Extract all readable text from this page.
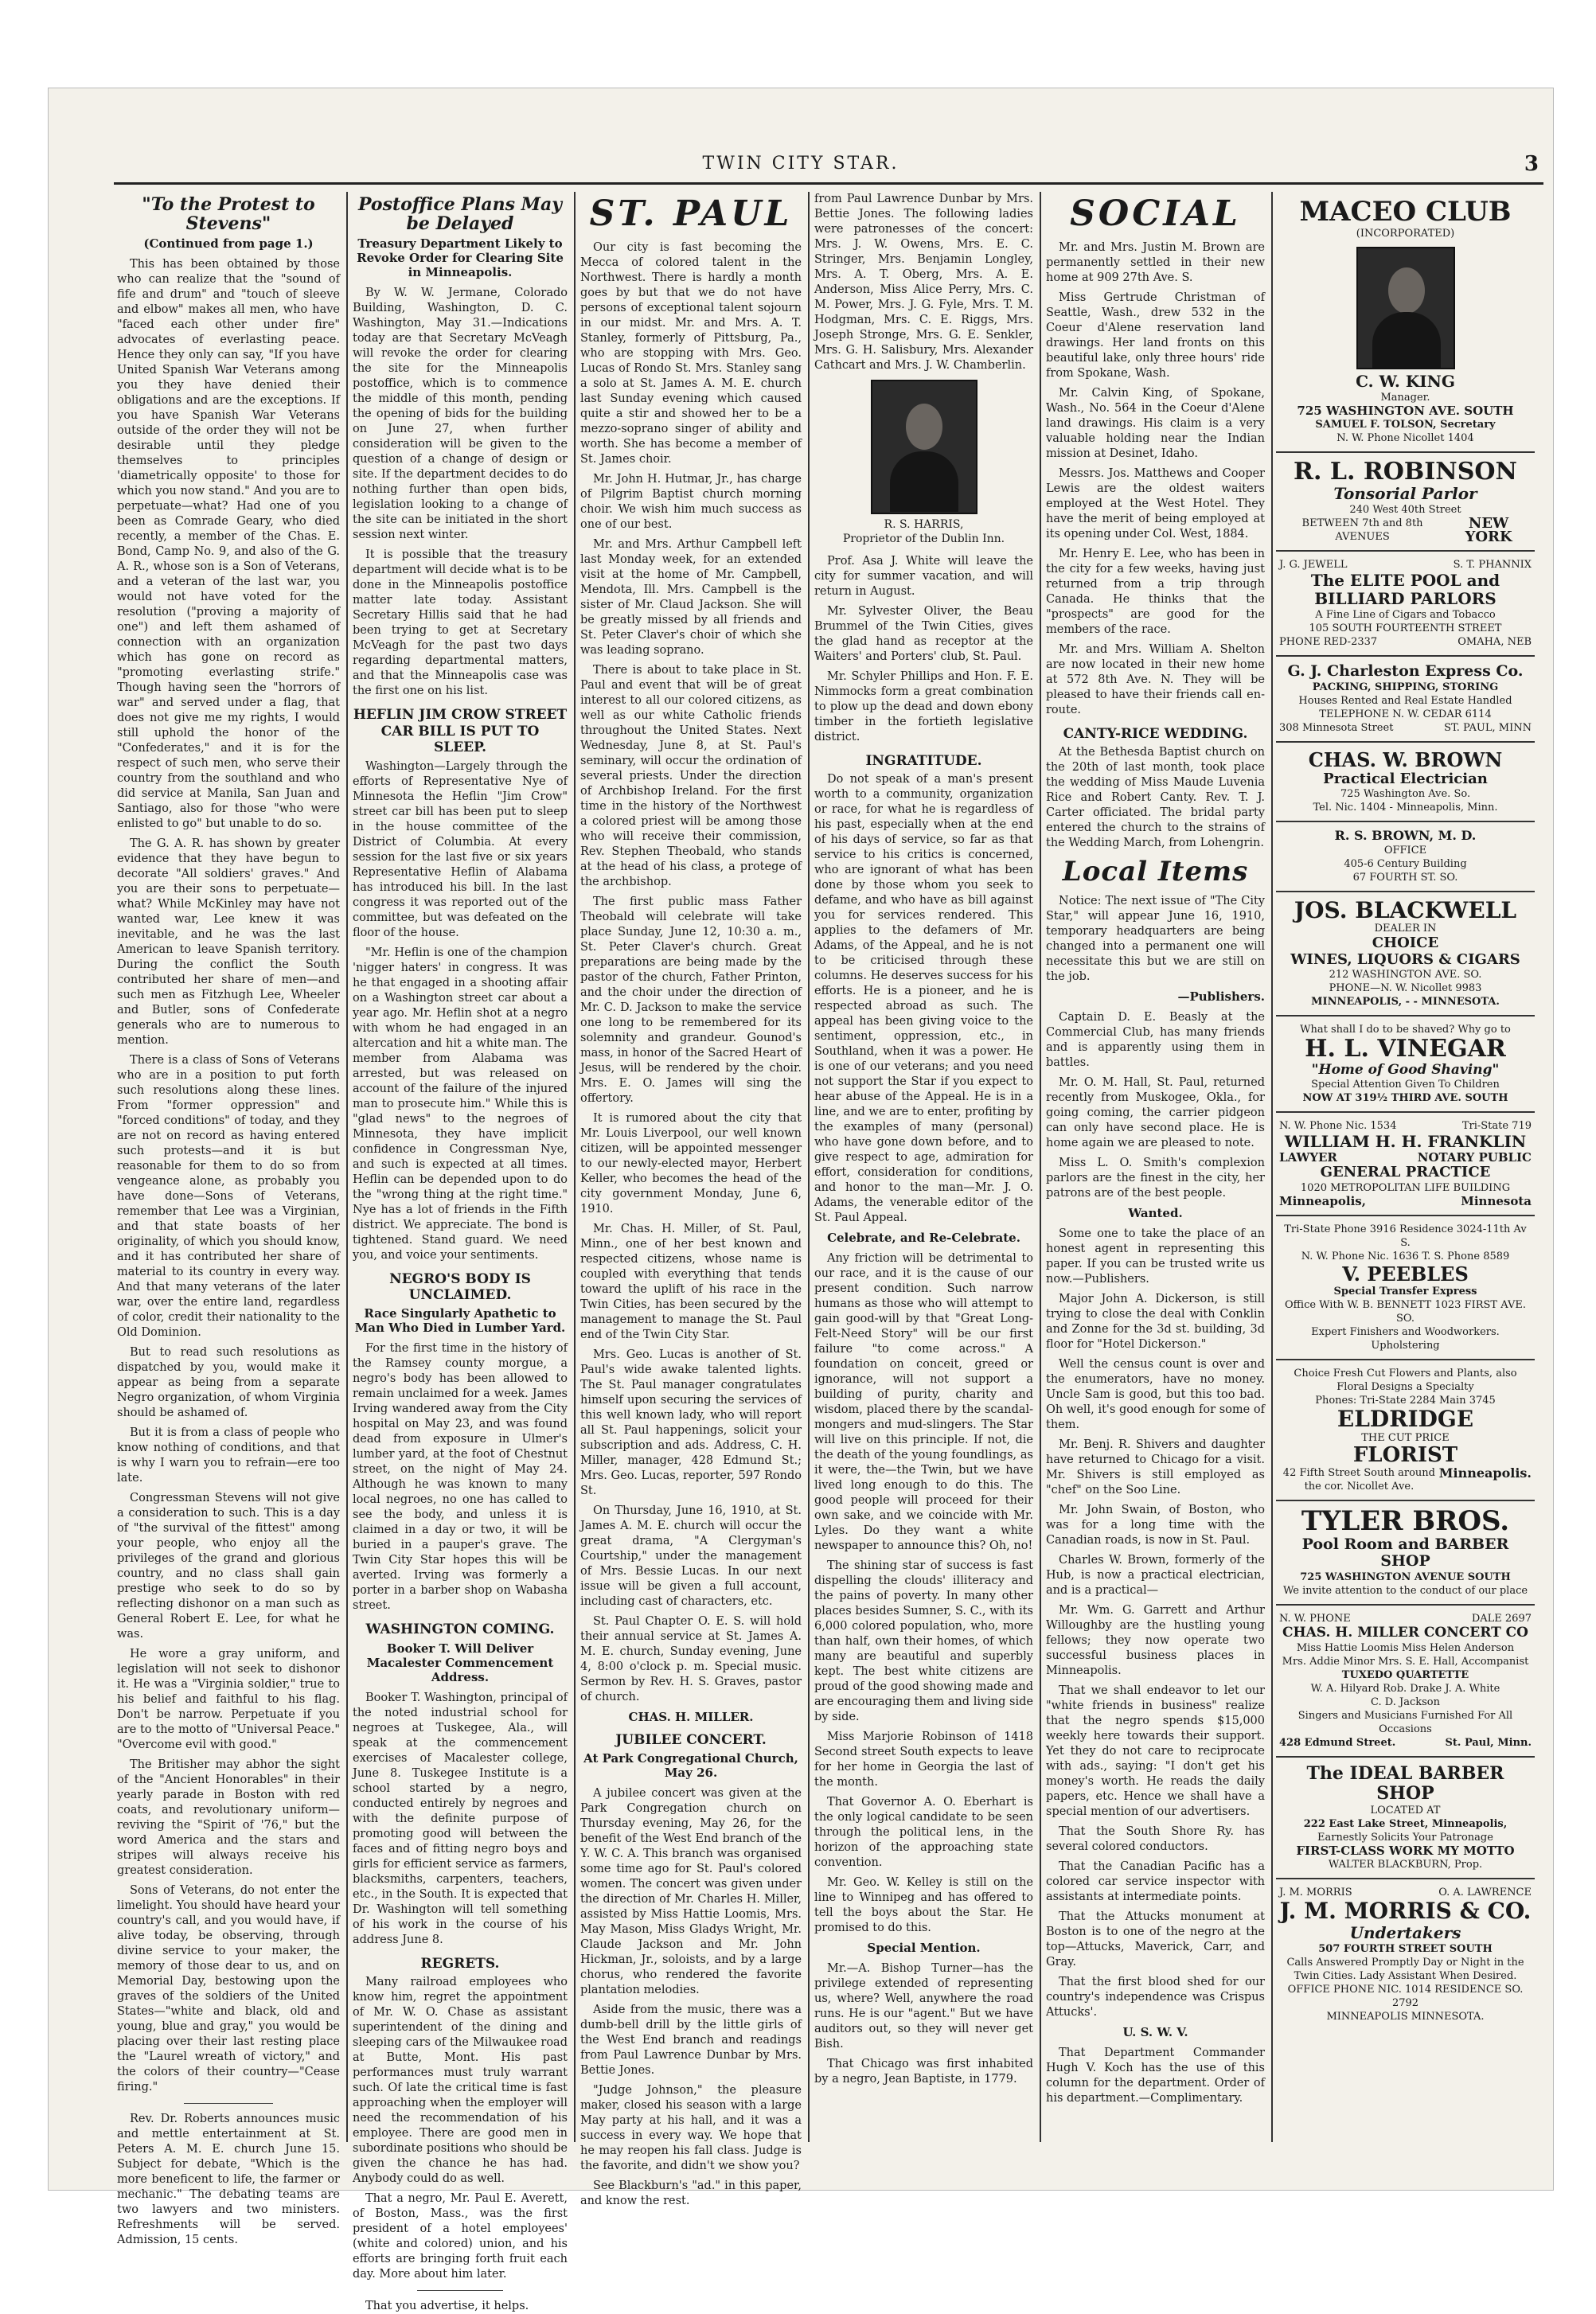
TWIN CITY STAR.	3
"To the Protest to Stevens"
(Continued from page 1.)

This has been obtained by those who can realize that the "sound of fife and drum" and "touch of sleeve and elbow" makes all men, who have "faced each other under fire" advocates of everlasting peace. Hence they only can say, "If you have United Spanish War Veterans among you they have denied their obligations and are the exceptions. If you have Spanish War Veterans outside of the order they will not be desirable until they pledge themselves to principles 'diametrically opposite' to those for which you now stand." And you are to perpetuate—what? Had one of you been as Comrade Geary, who died recently, a member of the Chas. E. Bond, Camp No. 9, and also of the G. A. R., whose son is a Son of Veterans, and a veteran of the last war, you would not have voted for the resolution ("proving a majority of one") and left them ashamed of connection with an organization which has gone on record as "promoting everlasting strife." Though having seen the "horrors of war" and served under a flag, that does not give me my rights, I would still uphold the honor of the "Confederates," and it is for the respect of such men, who serve their country from the southland and who did service at Manila, San Juan and Santiago, also for those "who were enlisted to go" but unable to do so.

The G. A. R. has shown by greater evidence that they have begun to decorate "All soldiers' graves." And you are their sons to perpetuate—what? While McKinley may have not wanted war, Lee knew it was inevitable, and he was the last American to leave Spanish territory. During the conflict the South contributed her share of men—and such men as Fitzhugh Lee, Wheeler and Butler, sons of Confederate generals who are to numerous to mention.

There is a class of Sons of Veterans who are in a position to put forth such resolutions along these lines. From "former oppression" and "forced conditions" of today, and they are not on record as having entered such protests—and it is but reasonable for them to do so from vengeance alone, as probably you have done—Sons of Veterans, remember that Lee was a Virginian, and that state boasts of her originality, of which you should know, and it has contributed her share of material to its country in every way. And that many veterans of the later war, over the entire land, regardless of color, credit their nationality to the Old Dominion.

But to read such resolutions as dispatched by you, would make it appear as being from a separate Negro organization, of whom Virginia should be ashamed of.

But it is from a class of people who know nothing of conditions, and that is why I warn you to refrain—ere too late.

Congressman Stevens will not give a consideration to such. This is a day of "the survival of the fittest" among your people, who enjoy all the privileges of the grand and glorious country, and no class shall gain prestige who seek to do so by reflecting dishonor on a man such as General Robert E. Lee, for what he was.

He wore a gray uniform, and legislation will not seek to dishonor it. He was a "Virginia soldier," true to his belief and faithful to his flag. Don't be narrow. Perpetuate if you are to the motto of "Universal Peace." "Overcome evil with good."

The Britisher may abhor the sight of the "Ancient Honorables" in their yearly parade in Boston with red coats, and revolutionary uniform—reviving the "Spirit of '76," but the word America and the stars and stripes will always receive his greatest consideration.

Sons of Veterans, do not enter the limelight. You should have heard your country's call, and you would have, if alive today, be observing, through divine service to your maker, the memory of those dear to us, and on Memorial Day, bestowing upon the graves of the soldiers of the United States—"white and black, old and young, blue and gray," you would be placing over their last resting place the "Laurel wreath of victory," and the colors of their country—"Cease firing."

Rev. Dr. Roberts announces music and mettle entertainment at St. Peters A. M. E. church June 15. Subject for debate, "Which is the more beneficent to life, the farmer or mechanic." The debating teams are two lawyers and two ministers. Refreshments will be served. Admission, 15 cents.

Postoffice Plans May be Delayed
Treasury Department Likely to Revoke Order for Clearing Site in Minneapolis.

By W. W. Jermane, Colorado Building, Washington, D. C. Washington, May 31.—Indications today are that Secretary McVeagh will revoke the order for clearing the site for the Minneapolis postoffice, which is to commence the middle of this month, pending the opening of bids for the building on June 27, when further consideration will be given to the question of a change of design or site. If the department decides to do nothing further than open bids, legislation looking to a change of the site can be initiated in the short session next winter.

It is possible that the treasury department will decide what is to be done in the Minneapolis postoffice matter late today. Assistant Secretary Hillis said that he had been trying to get at Secretary McVeagh for the past two days regarding departmental matters, and that the Minneapolis case was the first one on his list.

HEFLIN JIM CROW STREET CAR BILL IS PUT TO SLEEP.

Washington—Largely through the efforts of Representative Nye of Minnesota the Heflin "Jim Crow" street car bill has been put to sleep in the house committee of the District of Columbia. At every session for the last five or six years Representative Heflin of Alabama has introduced his bill. In the last congress it was reported out of the committee, but was defeated on the floor of the house.

"Mr. Heflin is one of the champion 'nigger haters' in congress. It was he that engaged in a shooting affair on a Washington street car about a year ago. Mr. Heflin shot at a negro with whom he had engaged in an altercation and hit a white man. The member from Alabama was arrested, but was released on account of the failure of the injured man to prosecute him." While this is "glad news" to the negroes of Minnesota, they have implicit confidence in Congressman Nye, and such is expected at all times. Heflin can be depended upon to do the "wrong thing at the right time." Nye has a lot of friends in the Fifth district. We appreciate. The bond is tightened. Stand guard. We need you, and voice your sentiments.

NEGRO'S BODY IS UNCLAIMED.
Race Singularly Apathetic to Man Who Died in Lumber Yard.

For the first time in the history of the Ramsey county morgue, a negro's body has been allowed to remain unclaimed for a week. James Irving wandered away from the City hospital on May 23, and was found dead from exposure in Ulmer's lumber yard, at the foot of Chestnut street, on the night of May 24. Although he was known to many local negroes, no one has called to see the body, and unless it is claimed in a day or two, it will be buried in a pauper's grave. The Twin City Star hopes this will be averted. Irving was formerly a porter in a barber shop on Wabasha street.

WASHINGTON COMING.
Booker T. Will Deliver Macalester Commencement Address.

Booker T. Washington, principal of the noted industrial school for negroes at Tuskegee, Ala., will speak at the commencement exercises of Macalester college, June 8. Tuskegee Institute is a school started by a negro, conducted entirely by negroes and with the definite purpose of promoting good will between the faces and of fitting negro boys and girls for efficient service as farmers, blacksmiths, carpenters, teachers, etc., in the South. It is expected that Dr. Washington will tell something of his work in the course of his address June 8.

REGRETS.

Many railroad employees who know him, regret the appointment of Mr. W. O. Chase as assistant superintendent of the dining and sleeping cars of the Milwaukee road at Butte, Mont. His past performances must truly warrant such. Of late the critical time is fast approaching when the employer will need the recommendation of his employee. There are good men in subordinate positions who should be given the chance he has had. Anybody could do as well.

That a negro, Mr. Paul E. Averett, of Boston, Mass., was the first president of a hotel employees' (white and colored) union, and his efforts are bringing forth fruit each day. More about him later.

That you advertise, it helps.

ST. PAUL

Our city is fast becoming the Mecca of colored talent in the Northwest. There is hardly a month goes by but that we do not have persons of exceptional talent sojourn in our midst. Mr. and Mrs. A. T. Stanley, formerly of Pittsburg, Pa., who are stopping with Mrs. Geo. Lucas of Rondo St. Mrs. Stanley sang a solo at St. James A. M. E. church last Sunday evening which caused quite a stir and showed her to be a mezzo-soprano singer of ability and worth. She has become a member of St. James choir.

Mr. John H. Hutmar, Jr., has charge of Pilgrim Baptist church morning choir. We wish him much success as one of our best.

Mr. and Mrs. Arthur Campbell left last Monday week, for an extended visit at the home of Mr. Campbell, Mendota, Ill. Mrs. Campbell is the sister of Mr. Claud Jackson. She will be greatly missed by all friends and St. Peter Claver's choir of which she was leading soprano.

There is about to take place in St. Paul and event that will be of great interest to all our colored citizens, as well as our white Catholic friends throughout the United States. Next Wednesday, June 8, at St. Paul's seminary, will occur the ordination of several priests. Under the direction of Archbishop Ireland. For the first time in the history of the Northwest a colored priest will be among those who will receive their commission, Rev. Stephen Theobald, who stands at the head of his class, a protege of the archbishop.

The first public mass Father Theobald will celebrate will take place Sunday, June 12, 10:30 a. m., St. Peter Claver's church. Great preparations are being made by the pastor of the church, Father Printon, and the choir under the direction of Mr. C. D. Jackson to make the service one long to be remembered for its solemnity and grandeur. Gounod's mass, in honor of the Sacred Heart of Jesus, will be rendered by the choir. Mrs. E. O. James will sing the offertory.

It is rumored about the city that Mr. Louis Liverpool, our well known citizen, will be appointed messenger to our newly-elected mayor, Herbert Keller, who becomes the head of the city government Monday, June 6, 1910.

Mr. Chas. H. Miller, of St. Paul, Minn., one of her best known and respected citizens, whose name is coupled with everything that tends toward the uplift of his race in the Twin Cities, has been secured by the management to manage the St. Paul end of the Twin City Star.

Mrs. Geo. Lucas is another of St. Paul's wide awake talented lights. The St. Paul manager congratulates himself upon securing the services of this well known lady, who will report all St. Paul happenings, solicit your subscription and ads. Address, C. H. Miller, manager, 428 Edmund St.; Mrs. Geo. Lucas, reporter, 597 Rondo St.

On Thursday, June 16, 1910, at St. James A. M. E. church will occur the great drama, "A Clergyman's Courtship," under the management of Mrs. Bessie Lucas. In our next issue will be given a full account, including cast of characters, etc.

St. Paul Chapter O. E. S. will hold their annual service at St. James A. M. E. church, Sunday evening, June 4, 8:00 o'clock p. m. Special music. Sermon by Rev. H. S. Graves, pastor of church.

CHAS. H. MILLER.
JUBILEE CONCERT.
At Park Congregational Church, May 26.

A jubilee concert was given at the Park Congregation church on Thursday evening, May 26, for the benefit of the West End branch of the Y. W. C. A. This branch was organised some time ago for St. Paul's colored women. The concert was given under the direction of Mr. Charles H. Miller, assisted by Miss Hattie Loomis, Mrs. May Mason, Miss Gladys Wright, Mr. Claude Jackson and Mr. John Hickman, Jr., soloists, and by a large chorus, who rendered the favorite plantation melodies.

Aside from the music, there was a dumb-bell drill by the little girls of the West End branch and readings from Paul Lawrence Dunbar by Mrs. Bettie Jones.

"Judge Johnson," the pleasure maker, closed his season with a large May party at his hall, and it was a success in every way. We hope that he may reopen his fall class. Judge is the favorite, and didn't we show you?

See Blackburn's "ad." in this paper, and know the rest.

from Paul Lawrence Dunbar by Mrs. Bettie Jones. The following ladies were patronesses of the concert: Mrs. J. W. Owens, Mrs. E. C. Stringer, Mrs. Benjamin Longley, Mrs. A. T. Oberg, Mrs. A. E. Anderson, Miss Alice Perry, Mrs. C. M. Power, Mrs. J. G. Fyle, Mrs. T. M. Hodgman, Mrs. C. E. Riggs, Mrs. Joseph Stronge, Mrs. G. E. Senkler, Mrs. G. H. Salisbury, Mrs. Alexander Cathcart and Mrs. J. W. Chamberlin.

R. S. HARRIS,
Proprietor of the Dublin Inn.

Prof. Asa J. White will leave the city for summer vacation, and will return in August.

Mr. Sylvester Oliver, the Beau Brummel of the Twin Cities, gives the glad hand as receptor at the Waiters' and Porters' club, St. Paul.

Mr. Schyler Phillips and Hon. F. E. Nimmocks form a great combination to plow up the dead and down ebony timber in the fortieth legislative district.

INGRATITUDE.

Do not speak of a man's present worth to a community, organization or race, for what he is regardless of his past, especially when at the end of his days of service, so far as that service to his critics is concerned, who are ignorant of what has been done by those whom you seek to defame, and who have as bill against you for services rendered. This applies to the defamers of Mr. Adams, of the Appeal, and he is not to be criticised through these columns. He deserves success for his efforts. He is a pioneer, and he is respected abroad as such. The appeal has been giving voice to the sentiment, oppression, etc., in Southland, when it was a power. He is one of our veterans; and you need not support the Star if you expect to hear abuse of the Appeal. He is in a line, and we are to enter, profiting by the examples of many (personal) who have gone down before, and to give respect to age, admiration for effort, consideration for conditions, and honor to the man—Mr. J. O. Adams, the venerable editor of the St. Paul Appeal.

Celebrate, and Re-Celebrate.

Any friction will be detrimental to our race, and it is the cause of our present condition. Such narrow humans as those who will attempt to gain good-will by that "Great Long-Felt-Need Story" will be our first failure "to come across." A foundation on conceit, greed or ignorance, will not support a building of purity, charity and wisdom, placed there by the scandal-mongers and mud-slingers. The Star will live on this principle. If not, die the death of the young foundlings, as it were, the—the Twin, but we have lived long enough to do this. The good people will proceed for their own sake, and we coincide with Mr. Lyles. Do they want a white newspaper to announce this? Oh, no!

The shining star of success is fast dispelling the clouds' illiteracy and the pains of poverty. In many other places besides Sumner, S. C., with its 6,000 colored population, who, more than half, own their homes, of which many are beautiful and superbly kept. The best white citizens are proud of the good showing made and are encouraging them and living side by side.

Miss Marjorie Robinson of 1418 Second street South expects to leave for her home in Georgia the last of the month.

That Governor A. O. Eberhart is the only logical candidate to be seen through the political lens, in the horizon of the approaching state convention.

Mr. Geo. W. Kelley is still on the line to Winnipeg and has offered to tell the boys about the Star. He promised to do this.

Special Mention.

Mr.—A. Bishop Turner—has the privilege extended of representing us, where? Well, anywhere the road runs. He is our "agent." But we have auditors out, so they will never get Bish.

That Chicago was first inhabited by a negro, Jean Baptiste, in 1779.

SOCIAL

Mr. and Mrs. Justin M. Brown are permanently settled in their new home at 909 27th Ave. S.

Miss Gertrude Christman of Seattle, Wash., drew 532 in the Coeur d'Alene reservation land drawings. Her land fronts on this beautiful lake, only three hours' ride from Spokane, Wash.

Mr. Calvin King, of Spokane, Wash., No. 564 in the Coeur d'Alene land drawings. His claim is a very valuable holding near the Indian mission at Desinet, Idaho.

Messrs. Jos. Matthews and Cooper Lewis are the oldest waiters employed at the West Hotel. They have the merit of being employed at its opening under Col. West, 1884.

Mr. Henry E. Lee, who has been in the city for a few weeks, having just returned from a trip through Canada. He thinks that the "prospects" are good for the members of the race.

Mr. and Mrs. William A. Shelton are now located in their new home at 572 8th Ave. N. They will be pleased to have their friends call en-route.

CANTY-RICE WEDDING.

At the Bethesda Baptist church on the 20th of last month, took place the wedding of Miss Maude Luvenia Rice and Robert Canty. Rev. T. J. Carter officiated. The bridal party entered the church to the strains of the Wedding March, from Lohengrin.

Local Items

Notice: The next issue of "The City Star," will appear June 16, 1910, temporary headquarters are being changed into a permanent one will necessitate this but we are still on the job.

—Publishers.

Captain D. E. Beasly at the Commercial Club, has many friends and is apparently using them in battles.

Mr. O. M. Hall, St. Paul, returned recently from Muskogee, Okla., for going coming, the carrier pidgeon can only have second place. He is home again we are pleased to note.

Miss L. O. Smith's complexion parlors are the finest in the city, her patrons are of the best people.

Wanted.

Some one to take the place of an honest agent in representing this paper. If you can be trusted write us now.—Publishers.

Major John A. Dickerson, is still trying to close the deal with Conklin and Zonne for the 3d st. building, 3d floor for "Hotel Dickerson."

Well the census count is over and the enumerators, have no money. Uncle Sam is good, but this too bad. Oh well, it's good enough for some of them.

Mr. Benj. R. Shivers and daughter have returned to Chicago for a visit. Mr. Shivers is still employed as "chef" on the Soo Line.

Mr. John Swain, of Boston, who was for a long time with the Canadian roads, is now in St. Paul.

Charles W. Brown, formerly of the Hub, is now a practical electrician, and is a practical—

Mr. Wm. G. Garrett and Arthur Willoughby are the hustling young fellows; they now operate two successful business places in Minneapolis.

That we shall endeavor to let our "white friends in business" realize that the negro spends $15,000 weekly here towards their support. Yet they do not care to reciprocate with ads., saying: "I don't get his money's worth. He reads the daily papers, etc. Hence we shall have a special mention of our advertisers.

That the South Shore Ry. has several colored conductors.

That the Canadian Pacific has a colored car service inspector with assistants at intermediate points.

That the Attucks monument at Boston is to one of the negro at the top—Attucks, Maverick, Carr, and Gray.

That the first blood shed for our country's independence was Crispus Attucks'.

U. S. W. V.

That Department Commander Hugh V. Koch has the use of this column for the department. Order of his department.—Complimentary.

MACEO CLUB
(INCORPORATED)
C. W. KING
Manager.
725 WASHINGTON AVE. SOUTH
SAMUEL F. TOLSON, Secretary
N. W. Phone Nicollet 1404
R. L. ROBINSON
Tonsorial Parlor
240 West 40th Street
BETWEEN 7th and 8th AVENUES
NEW YORK
J. G. JEWELL	S. T. PHANNIX
The ELITE POOL and BILLIARD PARLORS
A Fine Line of Cigars and Tobacco
105 SOUTH FOURTEENTH STREET
PHONE RED-2337	OMAHA, NEB
G. J. Charleston Express Co.
PACKING, SHIPPING, STORING
Houses Rented and Real Estate Handled
TELEPHONE N. W. CEDAR 6114
308 Minnesota Street	ST. PAUL, MINN
CHAS. W. BROWN
Practical Electrician
725 Washington Ave. So.
Tel. Nic. 1404 - Minneapolis, Minn.
R. S. BROWN, M. D.
OFFICE
405-6 Century Building
67 FOURTH ST. SO.
JOS. BLACKWELL
DEALER IN
CHOICE
WINES, LIQUORS & CIGARS
212 WASHINGTON AVE. SO.
PHONE—N. W. Nicollet 9983
MINNEAPOLIS, - - MINNESOTA.
What shall I do to be shaved? Why go to
H. L. VINEGAR
"Home of Good Shaving"
Special Attention Given To Children
NOW AT 319½ THIRD AVE. SOUTH
N. W. Phone Nic. 1534	Tri-State 719
WILLIAM H. H. FRANKLIN
LAWYER	NOTARY PUBLIC
GENERAL PRACTICE
1020 METROPOLITAN LIFE BUILDING
Minneapolis,	Minnesota
Tri-State Phone 3916 Residence 3024-11th Av S.
N. W. Phone Nic. 1636 T. S. Phone 8589
V. PEEBLES
Special Transfer Express
Office With W. B. BENNETT 1023 FIRST AVE. SO.
Expert Finishers and Woodworkers. Upholstering
Choice Fresh Cut Flowers and Plants, also Floral Designs a Specialty
Phones: Tri-State 2284 Main 3745
ELDRIDGE
THE CUT PRICE
FLORIST
42 Fifth Street South around the cor. Nicollet Ave.
Minneapolis.
TYLER BROS.
Pool Room and BARBER SHOP
725 WASHINGTON AVENUE SOUTH
We invite attention to the conduct of our place
N. W. PHONE	DALE 2697
CHAS. H. MILLER CONCERT CO
Miss Hattie Loomis Miss Helen Anderson
Mrs. Addie Minor Mrs. S. E. Hall, Accompanist
TUXEDO QUARTETTE
W. A. Hilyard Rob. Drake J. A. White
C. D. Jackson
Singers and Musicians Furnished For All Occasions
428 Edmund Street.	St. Paul, Minn.
The IDEAL BARBER SHOP
LOCATED AT
222 East Lake Street, Minneapolis,
Earnestly Solicits Your Patronage
FIRST-CLASS WORK MY MOTTO
WALTER BLACKBURN, Prop.
J. M. MORRIS	O. A. LAWRENCE
J. M. MORRIS & CO.
Undertakers
507 FOURTH STREET SOUTH
Calls Answered Promptly Day or Night in the Twin Cities. Lady Assistant When Desired.
OFFICE PHONE NIC. 1014 RESIDENCE SO. 2792
MINNEAPOLIS MINNESOTA.
